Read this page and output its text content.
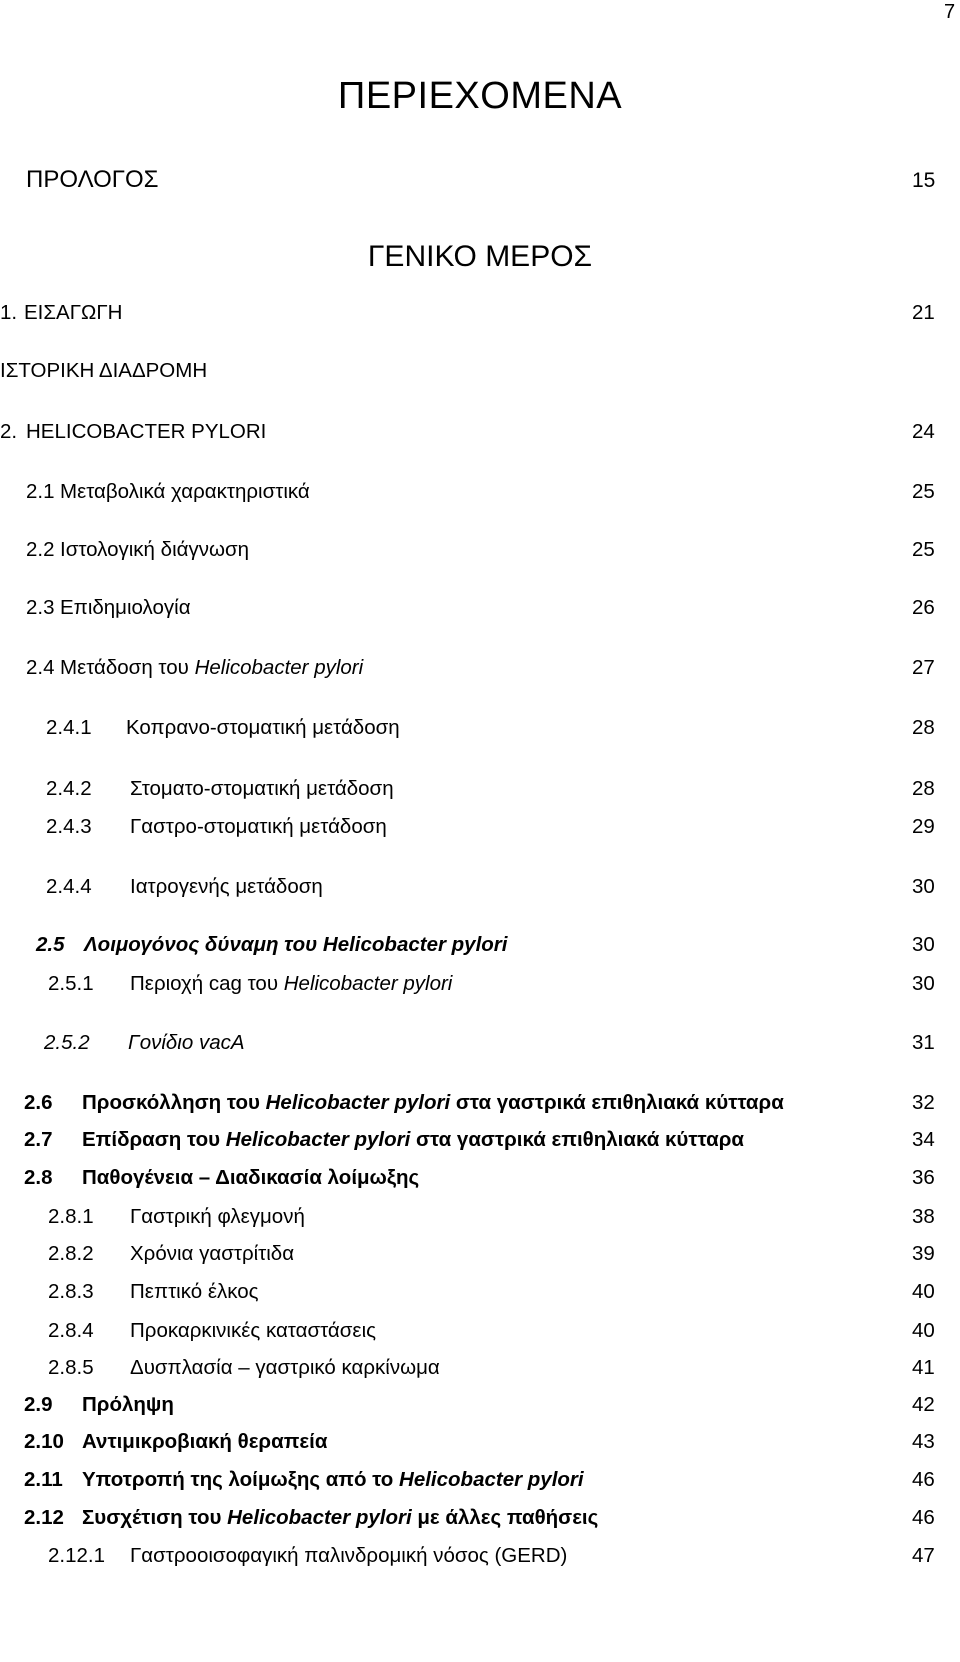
7
ΠΕΡΙΕΧΟΜΕΝΑ
ΠΡΟΛΟΓΟΣ	15
ΓΕΝΙΚΟ ΜΕΡΟΣ
1. ΕΙΣΑΓΩΓΗ	21
ΙΣΤΟΡΙΚΗ ΔΙΑΔΡΟΜΗ
2. HELICOBACTER PYLORI	24
2.1 Μεταβολικά χαρακτηριστικά	25
2.2 Ιστολογική διάγνωση	25
2.3 Επιδημιολογία	26
2.4 Μετάδοση του Helicobacter pylori	27
2.4.1 Κοπρανο-στοματική μετάδοση	28
2.4.2 Στοματο-στοματική μετάδοση	28
2.4.3 Γαστρο-στοματική μετάδοση	29
2.4.4 Ιατρογενής μετάδοση	30
2.5 Λοιμογόνος δύναμη του Helicobacter pylori	30
2.5.1 Περιοχή cag του Helicobacter pylori	30
2.5.2 Γονίδιο vacA	31
2.6 Προσκόλληση του Helicobacter pylori στα γαστρικά επιθηλιακά κύτταρα	32
2.7 Επίδραση του Helicobacter pylori στα γαστρικά επιθηλιακά κύτταρα	34
2.8 Παθογένεια – Διαδικασία λοίμωξης	36
2.8.1 Γαστρική φλεγμονή	38
2.8.2 Χρόνια γαστρίτιδα	39
2.8.3 Πεπτικό έλκος	40
2.8.4 Προκαρκινικές καταστάσεις	40
2.8.5 Δυσπλασία – γαστρικό καρκίνωμα	41
2.9 Πρόληψη	42
2.10 Αντιμικροβιακή θεραπεία	43
2.11 Υποτροπή της λοίμωξης από το Helicobacter pylori	46
2.12 Συσχέτιση του Helicobacter pylori με άλλες παθήσεις	46
2.12.1 Γαστροοισοφαγική παλινδρομική νόσος (GERD)	47
